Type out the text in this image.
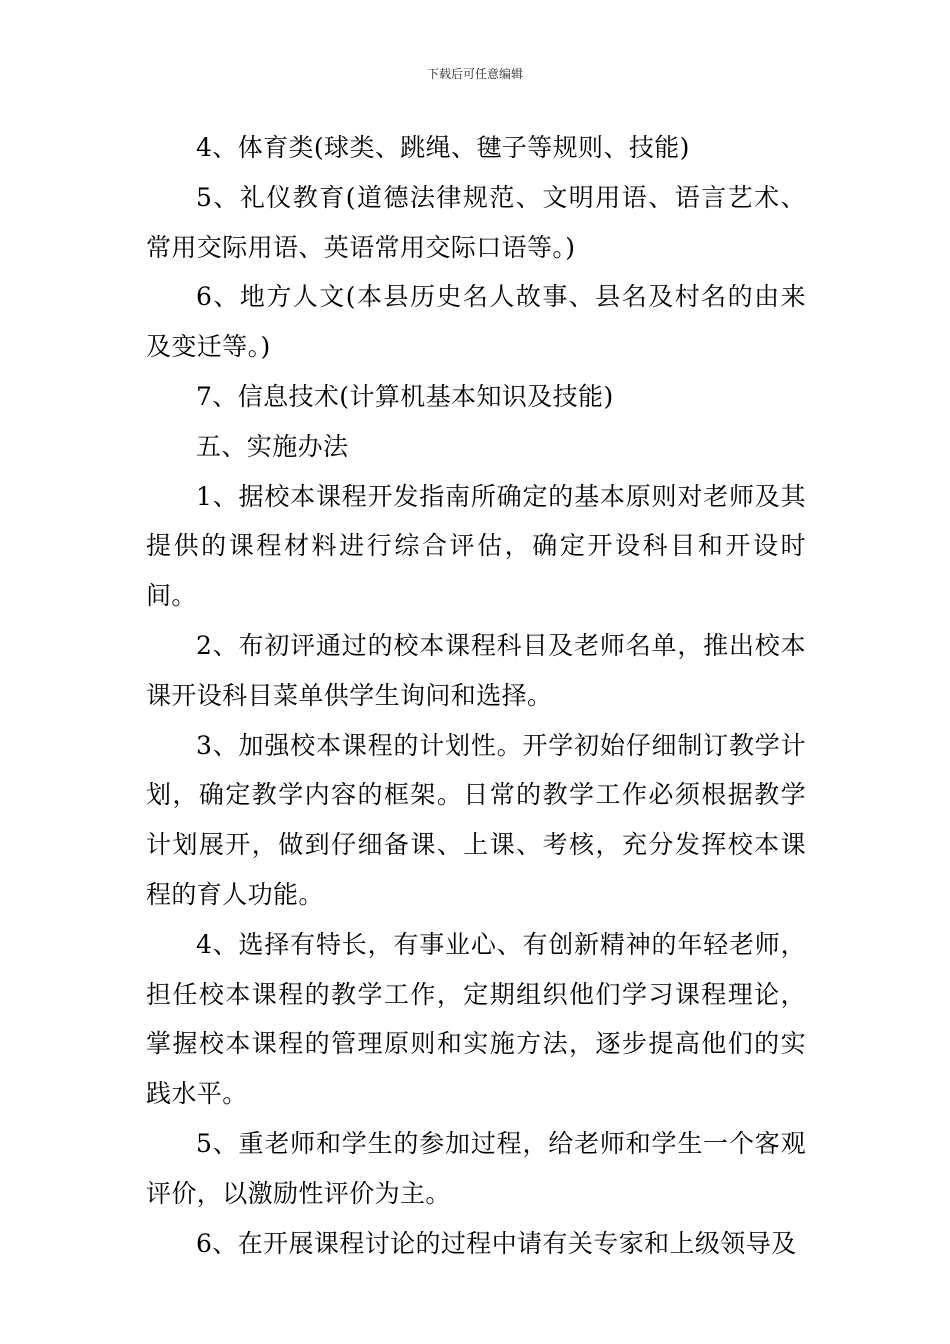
下载后可任意编辑

4、体育类(球类、跳绳、毽子等规则、技能)

5、礼仪教育(道德法律规范、文明用语、语言艺术、常用交际用语、英语常用交际口语等。)

6、地方人文(本县历史名人故事、县名及村名的由来及变迁等。)

7、信息技术(计算机基本知识及技能)

五、实施办法

1、据校本课程开发指南所确定的基本原则对老师及其提供的课程材料进行综合评估，确定开设科目和开设时间。

2、布初评通过的校本课程科目及老师名单，推出校本课开设科目菜单供学生询问和选择。

3、加强校本课程的计划性。开学初始仔细制订教学计划，确定教学内容的框架。日常的教学工作必须根据教学计划展开，做到仔细备课、上课、考核，充分发挥校本课程的育人功能。

4、选择有特长，有事业心、有创新精神的年轻老师，担任校本课程的教学工作，定期组织他们学习课程理论，掌握校本课程的管理原则和实施方法，逐步提高他们的实践水平。

5、重老师和学生的参加过程，给老师和学生一个客观评价，以激励性评价为主。

6、在开展课程讨论的过程中请有关专家和上级领导及
